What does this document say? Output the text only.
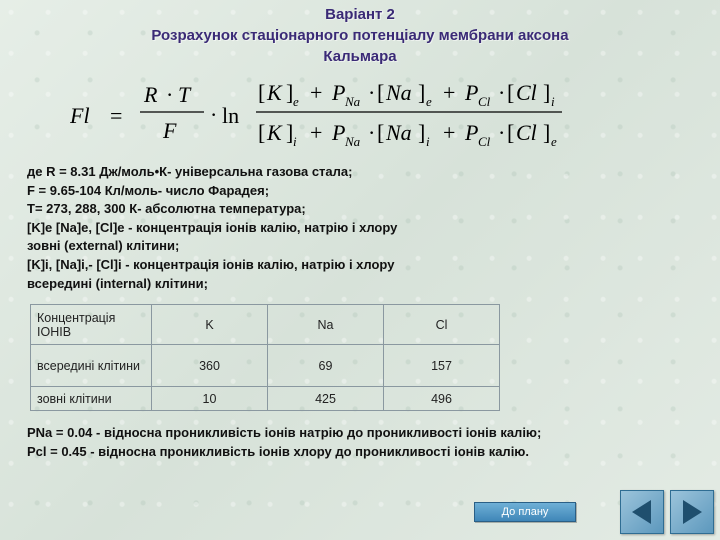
Варіант 2
Розрахунок стаціонарного потенціалу мембрани аксона
Кальмара
Fl =
R · T
F
· ln
[ K ] e + P Na · [ Na ] e + P Cl · [ Cl ] i
[ K ] i + P Na · [ Na ] i + P Cl · [ Cl ] e
де R = 8.31 Дж/моль•К- універсальна газова стала;
F = 9.65-104 Кл/моль- число Фарадея;
Т= 273, 288, 300 К- абсолютна температура;
[K]e [Na]e, [Cl]e - концентрація іонів калію, натрію і хлору
зовні (external) клітини;
[K]i, [Na]i,- [Cl]i - концентрація іонів калію, натрію і хлору
всередині (internal) клітини;
Концентрація ІОНІВ	K	Na	Cl
всередині клітини	360	69	157
зовні клітини	10	425	496
PNa = 0.04 - відносна проникливість іонів натрію до проникливості іонів калію;
Pcl = 0.45 - відносна проникливість іонів хлору до проникливості іонів калію.
До плану
